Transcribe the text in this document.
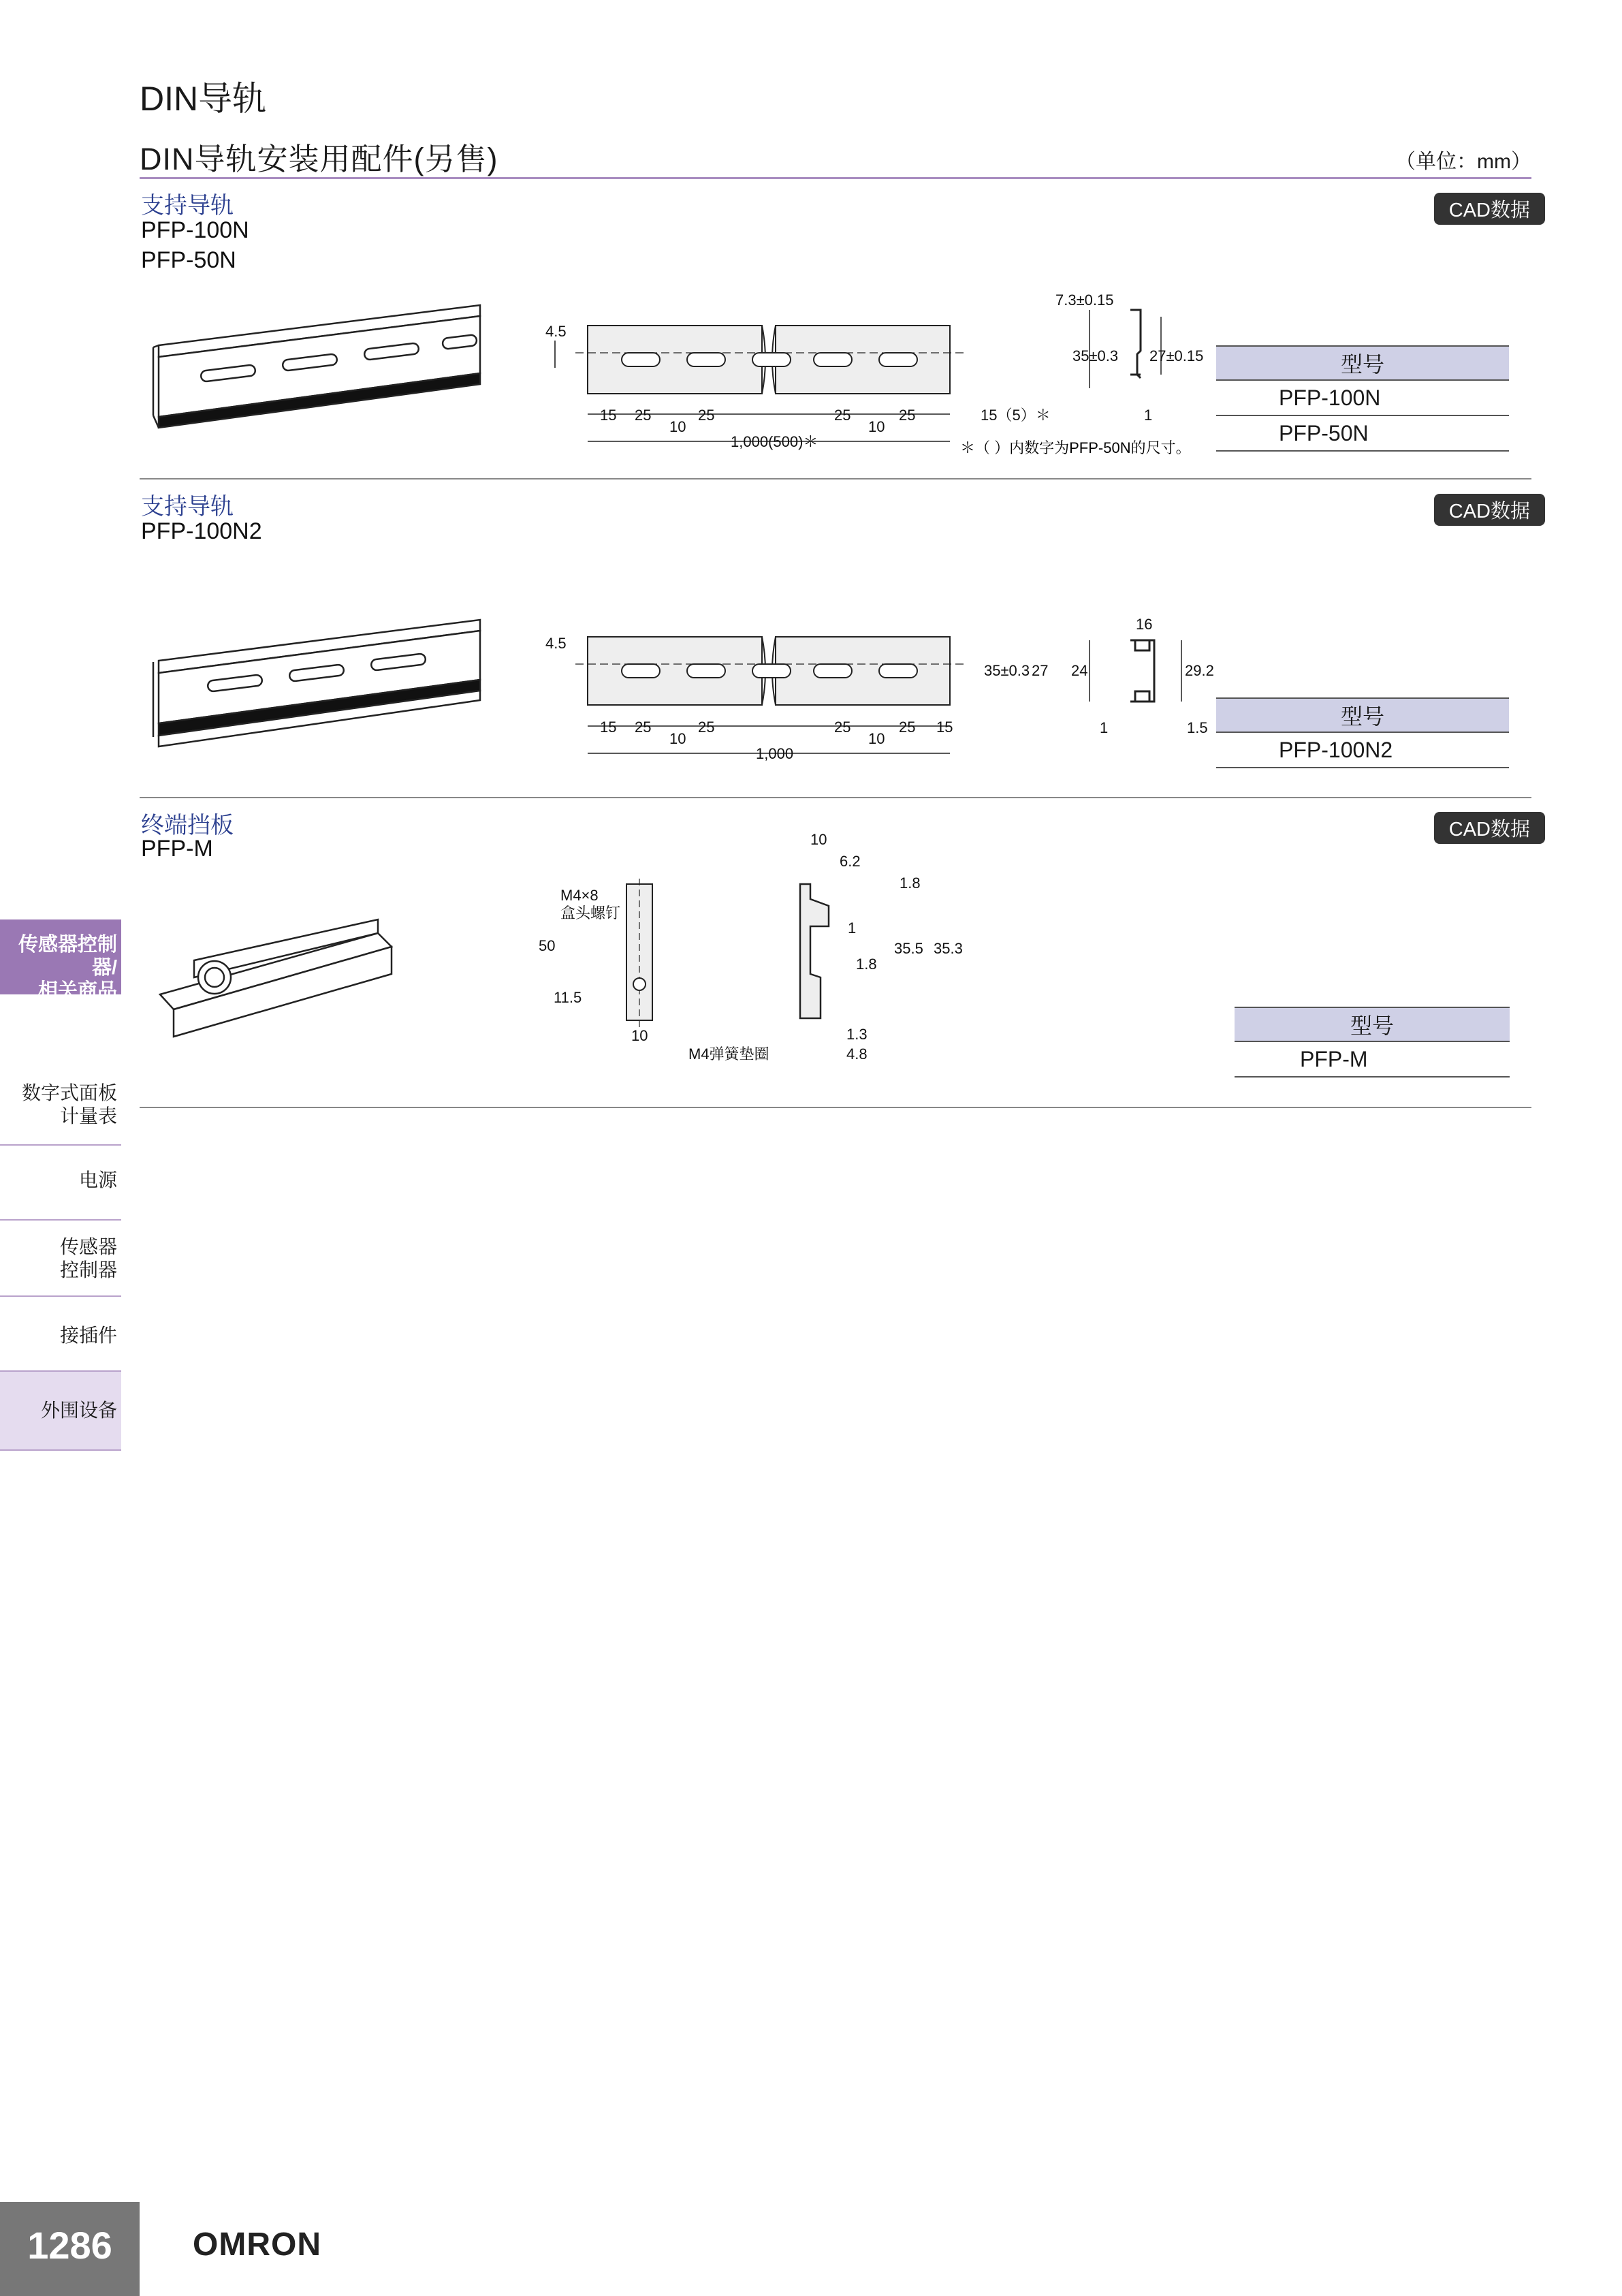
DIN导轨
DIN导轨安装用配件(另售)	（单位：mm）
支持导轨
PFP-100N
PFP-50N
CAD数据
4.5
15 25
10
25	25
10
25	15（5）＊
1,000(500)＊
7.3±0.15
35±0.3 27±0.15
1
＊（ ）内数字为PFP-50N的尺寸。
型号
PFP-100N
PFP-50N
支持导轨
PFP-100N2
CAD数据
4.5
15 25
10
25	25
10
25 15
1,000
16
35±0.3 27 24	29.2
1	1.5	型号
PFP-100N2
终端挡板
PFP-M
CAD数据
M4×8
盒头螺钉
50
11.5
10
10
6.2
1.8
1
35.5 35.3
1.8
1.3
4.8
M4弹簧垫圈
型号
PFP-M
传感器控制器/
相关商品
数字式面板
计量表
电源
传感器
控制器
接插件
外围设备
1286	OMRON
